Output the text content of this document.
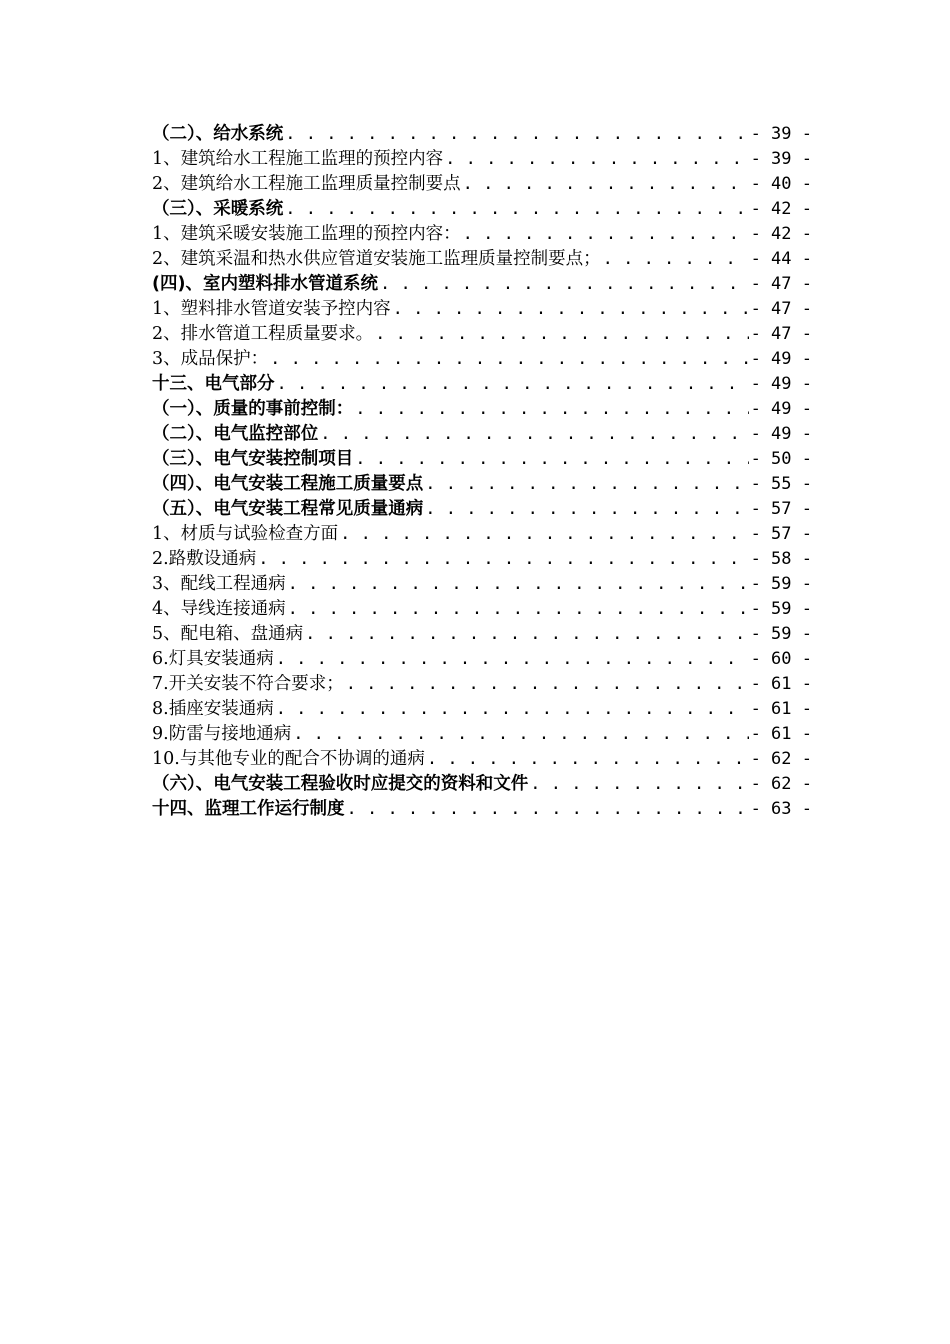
（二）、给水系统 . . .	- 39 -
1、建筑给水工程施工监理的预控内容 . . .	- 39 -
2、建筑给水工程施工监理质量控制要点 . . .	- 40 -
（三）、采暖系统 . . .	- 42 -
1、建筑采暖安装施工监理的预控内容： . . .	- 42 -
2、建筑采温和热水供应管道安装施工监理质量控制要点； . . .	- 44 -
(四)、室内塑料排水管道系统 . . .	- 47 -
1、塑料排水管道安装予控内容 . . .	- 47 -
2、排水管道工程质量要求。 . . .	- 47 -
3、成品保护： . . .	- 49 -
十三、电气部分 . . .	- 49 -
（一）、质量的事前控制： . . .	- 49 -
（二）、电气监控部位 . . .	- 49 -
（三）、电气安装控制项目 . . .	- 50 -
（四）、电气安装工程施工质量要点 . . .	- 55 -
（五）、电气安装工程常见质量通病 . . .	- 57 -
1、材质与试验检查方面 . . .	- 57 -
2.路敷设通病 . . .	- 58 -
3、配线工程通病 . . .	- 59 -
4、导线连接通病 . . .	- 59 -
5、配电箱、盘通病 . . .	- 59 -
6.灯具安装通病 . . .	- 60 -
7.开关安装不符合要求； . . .	- 61 -
8.插座安装通病 . . .	- 61 -
9.防雷与接地通病 . . .	- 61 -
10.与其他专业的配合不协调的通病 . . .	- 62 -
（六）、电气安装工程验收时应提交的资料和文件 . . .	- 62 -
十四、监理工作运行制度 . . .	- 63 -
